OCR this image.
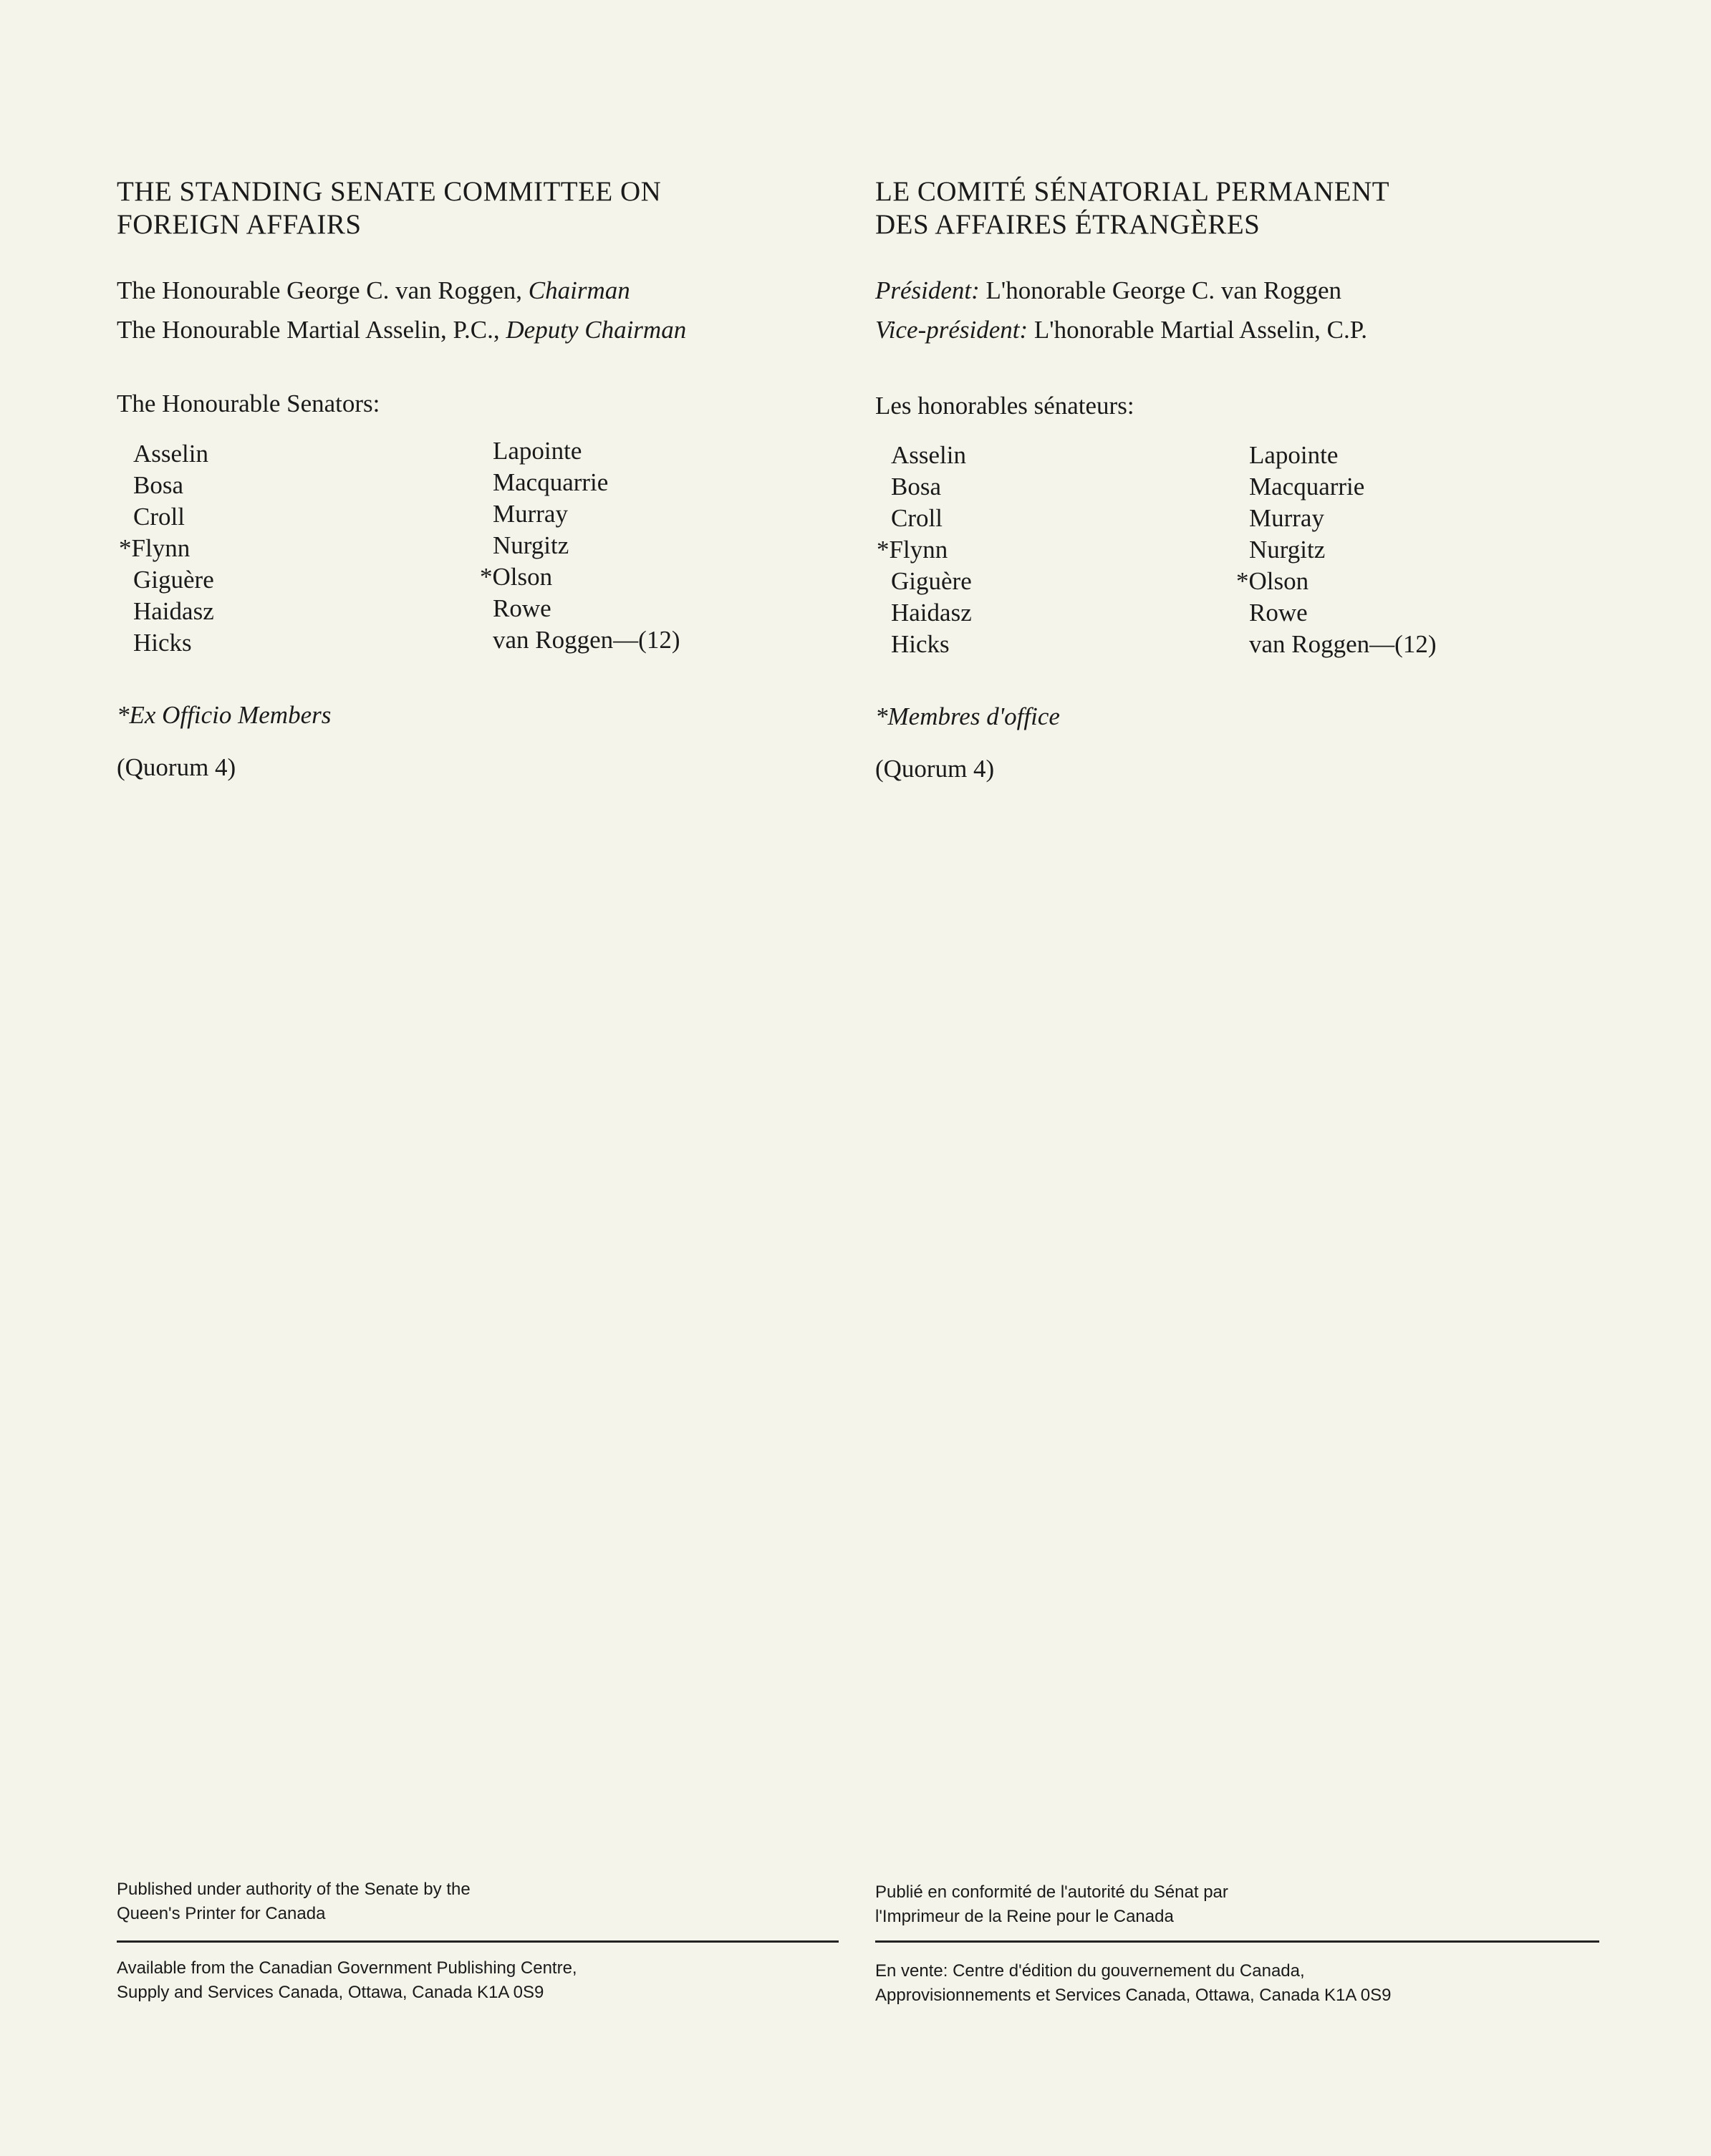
THE STANDING SENATE COMMITTEE ON
FOREIGN AFFAIRS
The Honourable George C. van Roggen, Chairman
The Honourable Martial Asselin, P.C., Deputy Chairman
The Honourable Senators:
Asselin
Bosa
Croll
*Flynn
Giguère
Haidasz
Hicks
Lapointe
Macquarrie
Murray
Nurgitz
*Olson
Rowe
van Roggen—(12)
*Ex Officio Members
(Quorum 4)
Published under authority of the Senate by the
Queen's Printer for Canada
Available from the Canadian Government Publishing Centre,
Supply and Services Canada, Ottawa, Canada K1A 0S9
LE COMITÉ SÉNATORIAL PERMANENT
DES AFFAIRES ÉTRANGÈRES
Président: L'honorable George C. van Roggen
Vice-président: L'honorable Martial Asselin, C.P.
Les honorables sénateurs:
Asselin
Bosa
Croll
*Flynn
Giguère
Haidasz
Hicks
Lapointe
Macquarrie
Murray
Nurgitz
*Olson
Rowe
van Roggen—(12)
*Membres d'office
(Quorum 4)
Publié en conformité de l'autorité du Sénat par
l'Imprimeur de la Reine pour le Canada
En vente: Centre d'édition du gouvernement du Canada,
Approvisionnements et Services Canada, Ottawa, Canada K1A 0S9
